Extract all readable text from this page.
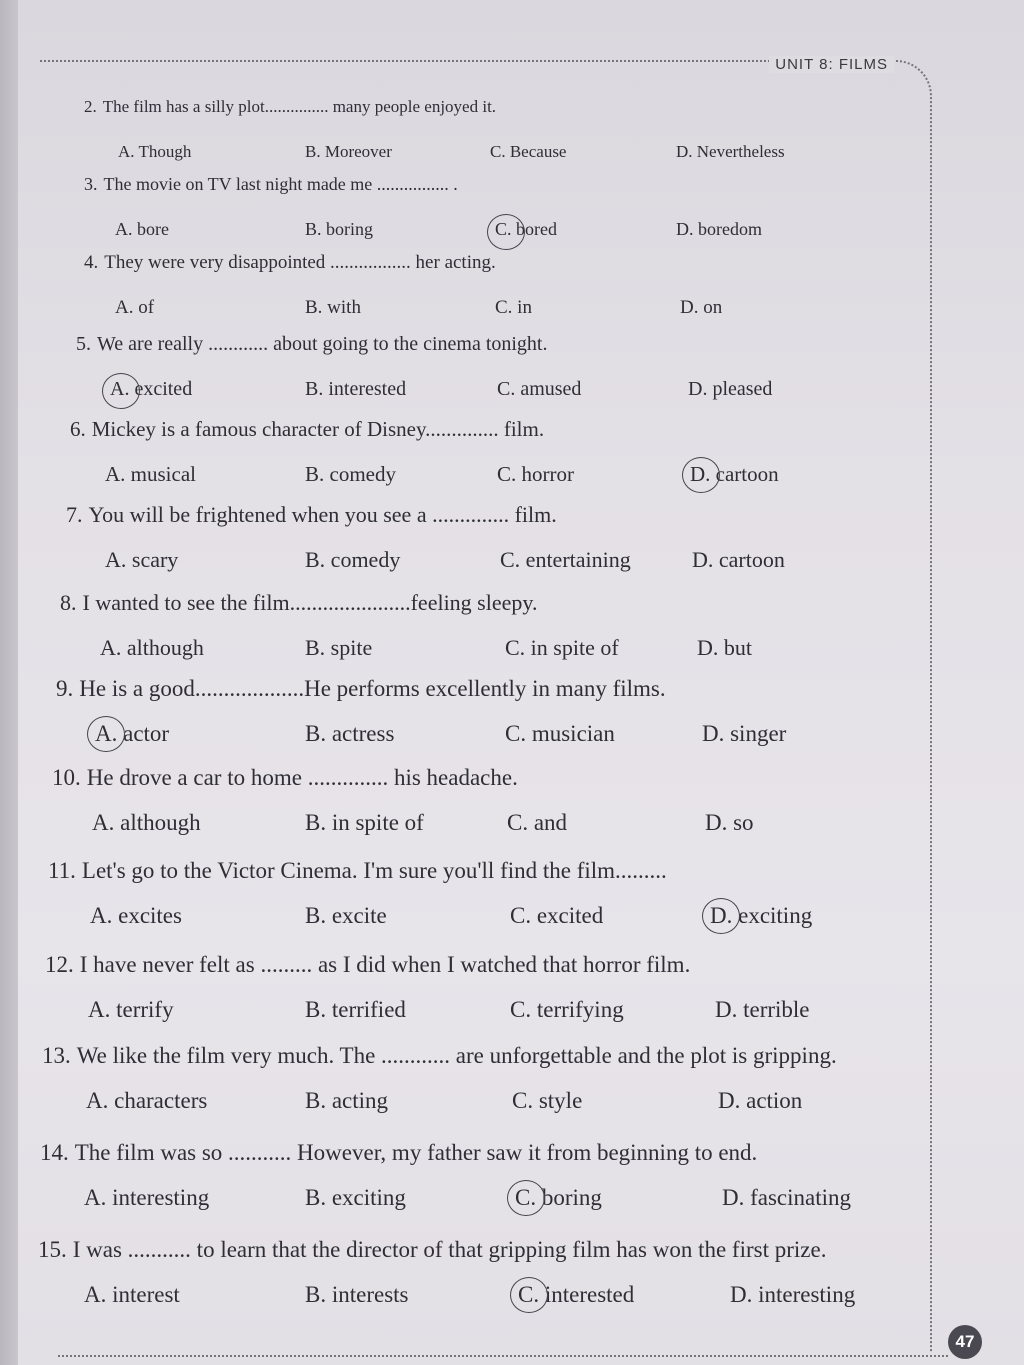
UNIT 8: FILMS
2. The film has a silly plot............... many people enjoyed it.
A. Though	B. Moreover	C. Because	D. Nevertheless
3. The movie on TV last night made me ................ .
A. bore	B. boring	C. bored	D. boredom
4. They were very disappointed ................. her acting.
A. of	B. with	C. in	D. on
5. We are really ............ about going to the cinema tonight.
A. excited	B. interested	C. amused	D. pleased
6. Mickey is a famous character of Disney.............. film.
A. musical	B. comedy	C. horror	D. cartoon
7. You will be frightened when you see a .............. film.
A. scary	B. comedy	C. entertaining	D. cartoon
8. I wanted to see the film......................feeling sleepy.
A. although	B. spite	C. in spite of	D. but
9. He is a good...................He performs excellently in many films.
A. actor	B. actress	C. musician	D. singer
10. He drove a car to home .............. his headache.
A. although	B. in spite of	C. and	D. so
11. Let's go to the Victor Cinema. I'm sure you'll find the film.........
A. excites	B. excite	C. excited	D. exciting
12. I have never felt as ......... as I did when I watched that horror film.
A. terrify	B. terrified	C. terrifying	D. terrible
13. We like the film very much. The ............ are unforgettable and the plot is gripping.
A. characters	B. acting	C. style	D. action
14. The film was so ........... However, my father saw it from beginning to end.
A. interesting	B. exciting	C. boring	D. fascinating
15. I was ........... to learn that the director of that gripping film has won the first prize.
A. interest	B. interests	C. interested	D. interesting
47
